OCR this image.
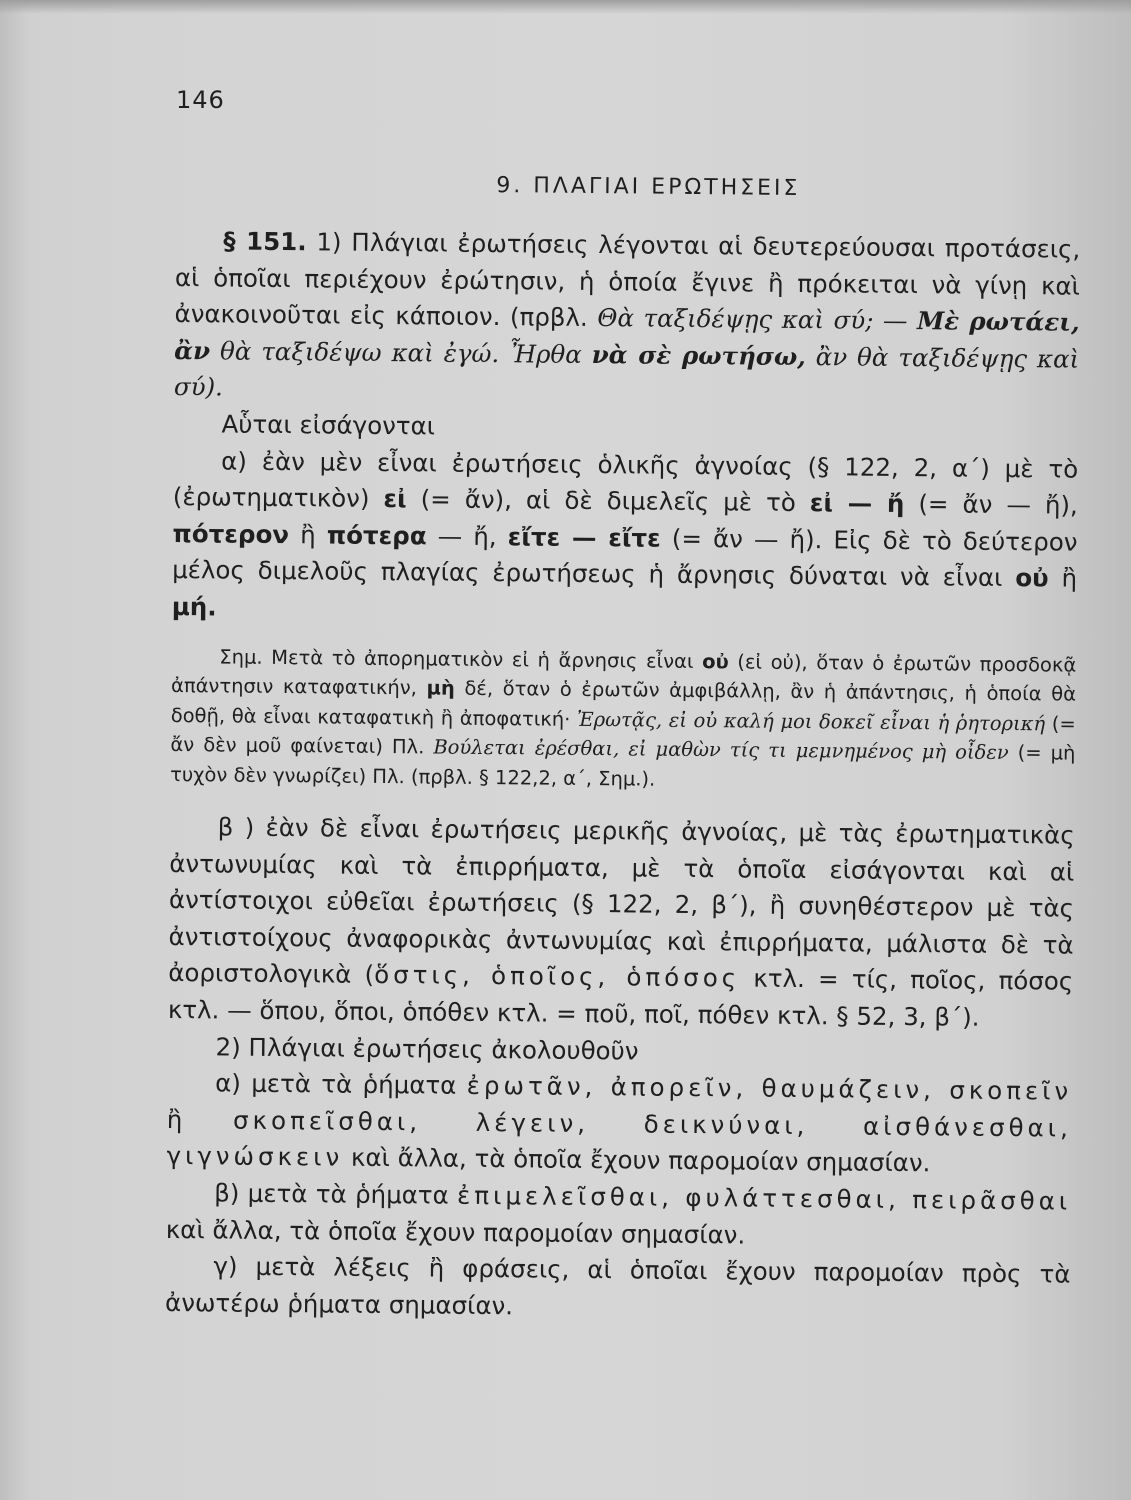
146
9. ΠΛΑΓΙΑΙ ΕΡΩΤΗΣΕΙΣ

§ 151. 1) Πλάγιαι ἐρωτήσεις λέγονται αἱ δευτερεύουσαι προτάσεις, αἱ ὁποῖαι περιέχουν ἐρώτησιν, ἡ ὁποία ἔγινε ἢ πρόκειται νὰ γίνῃ καὶ ἀνακοινοῦται εἰς κάποιον. (πρβλ. Θὰ ταξιδέψῃς καὶ σύ; — Μὲ ρωτάει, ἂν θὰ ταξιδέψω καὶ ἐγώ. Ἦρθα νὰ σὲ ρωτήσω, ἂν θὰ ταξιδέψῃς καὶ σύ).

Αὗται εἰσάγονται

α) ἐὰν μὲν εἶναι ἐρωτήσεις ὁλικῆς ἀγνοίας (§ 122, 2, α΄) μὲ τὸ (ἐρωτηματικὸν) εἰ (= ἄν), αἱ δὲ διμελεῖς μὲ τὸ εἰ — ἤ (= ἄν — ἤ), πότερον ἢ πότερα — ἤ, εἴτε — εἴτε (= ἄν — ἤ). Εἰς δὲ τὸ δεύτερον μέλος διμελοῦς πλαγίας ἐρωτήσεως ἡ ἄρνησις δύναται νὰ εἶναι οὐ ἢ μή.

Σημ. Μετὰ τὸ ἀπορηματικὸν εἰ ἡ ἄρνησις εἶναι οὐ (εἰ οὐ), ὅταν ὁ ἐρωτῶν προσδοκᾷ ἀπάντησιν καταφατικήν, μὴ δέ, ὅταν ὁ ἐρωτῶν ἀμφιβάλλῃ, ἂν ἡ ἀπάντησις, ἡ ὁποία θὰ δοθῇ, θὰ εἶναι καταφατικὴ ἢ ἀποφατική· Ἐρωτᾷς, εἰ οὐ καλή μοι δοκεῖ εἶναι ἡ ῥητορική (= ἄν δὲν μοῦ φαίνεται) Πλ. Βούλεται ἐρέσθαι, εἰ μαθὼν τίς τι μεμνημένος μὴ οἶδεν (= μὴ τυχὸν δὲν γνωρίζει) Πλ. (πρβλ. § 122,2, α΄, Σημ.).

β ) ἐὰν δὲ εἶναι ἐρωτήσεις μερικῆς ἀγνοίας, μὲ τὰς ἐρωτηματικὰς ἀντωνυμίας καὶ τὰ ἐπιρρήματα, μὲ τὰ ὁποῖα εἰσάγονται καὶ αἱ ἀντίστοιχοι εὐθεῖαι ἐρωτήσεις (§ 122, 2, β΄), ἢ συνηθέστερον μὲ τὰς ἀντιστοίχους ἀναφορικὰς ἀντωνυμίας καὶ ἐπιρρήματα, μάλιστα δὲ τὰ ἀοριστολογικὰ (ὅστις, ὁποῖος, ὁπόσος κτλ. = τίς, ποῖος, πόσος κτλ. — ὅπου, ὅποι, ὁπόθεν κτλ. = ποῦ, ποῖ, πόθεν κτλ. § 52, 3, β΄).

2) Πλάγιαι ἐρωτήσεις ἀκολουθοῦν

α) μετὰ τὰ ῥήματα ἐρωτᾶν, ἀπορεῖν, θαυμάζειν, σκοπεῖν ἢ σκοπεῖσθαι, λέγειν, δεικνύναι, αἰσθάνεσθαι, γιγνώσκειν καὶ ἄλλα, τὰ ὁποῖα ἔχουν παρομοίαν σημασίαν.

β) μετὰ τὰ ῥήματα ἐπιμελεῖσθαι, φυλάττεσθαι, πειρᾶσθαι καὶ ἄλλα, τὰ ὁποῖα ἔχουν παρομοίαν σημασίαν.

γ) μετὰ λέξεις ἢ φράσεις, αἱ ὁποῖαι ἔχουν παρομοίαν πρὸς τὰ ἀνωτέρω ῥήματα σημασίαν.
